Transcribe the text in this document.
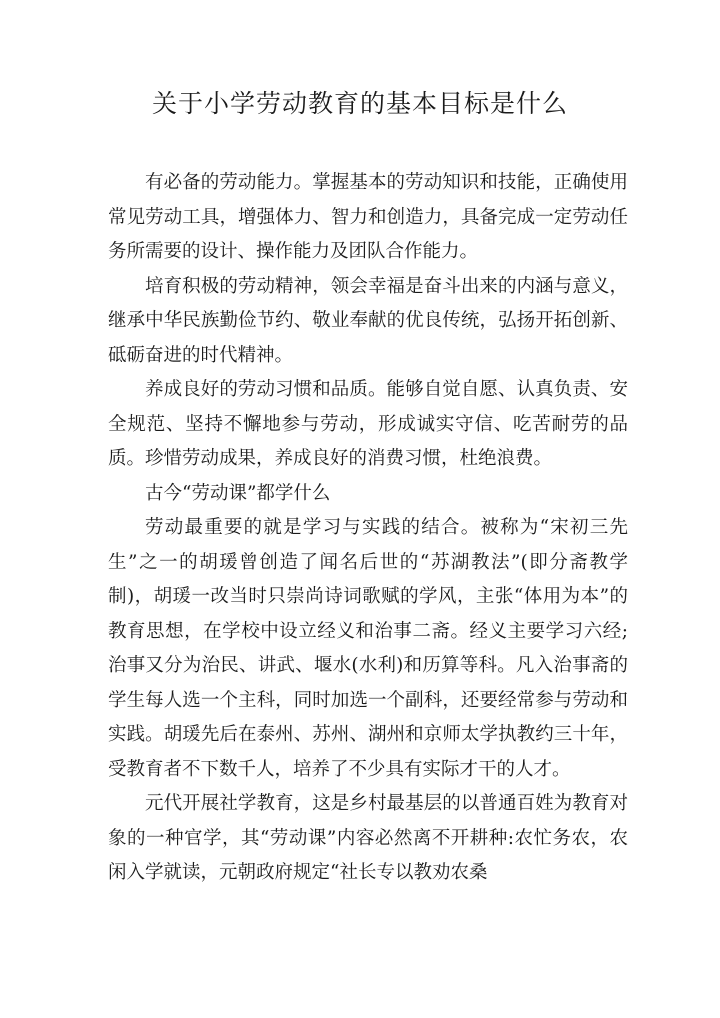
关于小学劳动教育的基本目标是什么

有必备的劳动能力。掌握基本的劳动知识和技能，正确使用常见劳动工具，增强体力、智力和创造力，具备完成一定劳动任务所需要的设计、操作能力及团队合作能力。

培育积极的劳动精神，领会幸福是奋斗出来的内涵与意义，继承中华民族勤俭节约、敬业奉献的优良传统，弘扬开拓创新、砥砺奋进的时代精神。

养成良好的劳动习惯和品质。能够自觉自愿、认真负责、安全规范、坚持不懈地参与劳动，形成诚实守信、吃苦耐劳的品质。珍惜劳动成果，养成良好的消费习惯，杜绝浪费。

古今“劳动课”都学什么

劳动最重要的就是学习与实践的结合。被称为“宋初三先生”之一的胡瑗曾创造了闻名后世的“苏湖教法”(即分斋教学制)，胡瑗一改当时只崇尚诗词歌赋的学风，主张“体用为本”的教育思想，在学校中设立经义和治事二斋。经义主要学习六经;治事又分为治民、讲武、堰水(水利)和历算等科。凡入治事斋的学生每人选一个主科，同时加选一个副科，还要经常参与劳动和实践。胡瑗先后在泰州、苏州、湖州和京师太学执教约三十年，受教育者不下数千人，培养了不少具有实际才干的人才。

元代开展社学教育，这是乡村最基层的以普通百姓为教育对象的一种官学，其“劳动课”内容必然离不开耕种:农忙务农，农闲入学就读，元朝政府规定“社长专以教劝农桑
